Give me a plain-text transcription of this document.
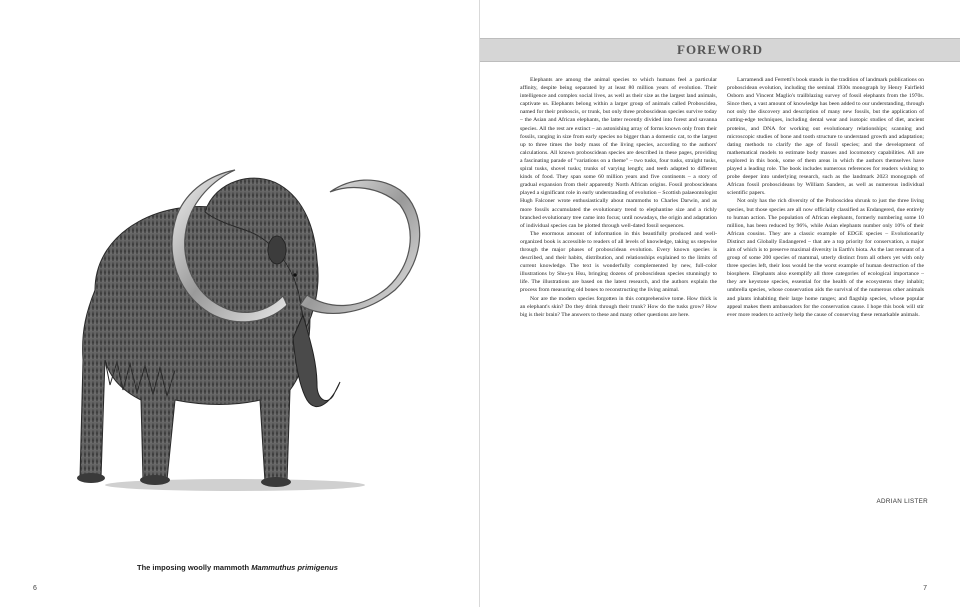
The imposing woolly mammoth Mammuthus primigenus
6
FOREWORD

Elephants are among the animal species to which humans feel a particular affinity, despite being separated by at least 80 million years of evolution. Their intelligence and complex social lives, as well as their size as the largest land animals, captivate us. Elephants belong within a larger group of animals called Proboscidea, named for their proboscis, or trunk, but only three proboscidean species survive today – the Asian and African elephants, the latter recently divided into forest and savanna species. All the rest are extinct – an astonishing array of forms known only from their fossils, ranging in size from early species no bigger than a domestic cat, to the largest up to three times the body mass of the living species, according to the authors' calculations. All known proboscidean species are described in these pages, providing a fascinating parade of "variations on a theme" – two tusks, four tusks, straight tusks, spiral tusks, shovel tusks; trunks of varying length; and teeth adapted to different kinds of food. They span some 60 million years and five continents – a story of gradual expansion from their apparently North African origins. Fossil proboscideans played a significant role in early understanding of evolution – Scottish palaeontologist Hugh Falconer wrote enthusiastically about mammoths to Charles Darwin, and as more fossils accumulated the evolutionary trend to elephantine size and a richly branched evolutionary tree came into focus; until nowadays, the origin and adaptation of individual species can be plotted through well-dated fossil sequences.

The enormous amount of information in this beautifully produced and well-organized book is accessible to readers of all levels of knowledge, taking us stepwise through the major phases of proboscidean evolution. Every known species is described, and their habits, distribution, and relationships explained to the limits of current knowledge. The text is wonderfully complemented by new, full-color illustrations by Shu-yu Hsu, bringing dozens of proboscidean species stunningly to life. The illustrations are based on the latest research, and the authors explain the process from measuring old bones to reconstructing the living animal.

Nor are the modern species forgotten in this comprehensive tome. How thick is an elephant's skin? Do they drink through their trunk? How do the tusks grow? How big is their brain? The answers to these and many other questions are here.

Larramendi and Ferretti's book stands in the tradition of landmark publications on proboscidean evolution, including the seminal 1930s monograph by Henry Fairfield Osborn and Vincent Maglio's trailblazing survey of fossil elephants from the 1970s. Since then, a vast amount of knowledge has been added to our understanding, through not only the discovery and description of many new fossils, but the application of cutting-edge techniques, including dental wear and isotopic studies of diet, ancient proteins, and DNA for working out evolutionary relationships; scanning and microscopic studies of bone and tooth structure to understand growth and adaptation; dating methods to clarify the age of fossil species; and the development of mathematical models to estimate body masses and locomotory capabilities. All are explored in this book, some of them areas in which the authors themselves have played a leading role. The book includes numerous references for readers wishing to probe deeper into underlying research, such as the landmark 2023 monograph of African fossil proboscideans by William Sanders, as well as numerous individual scientific papers.

Not only has the rich diversity of the Proboscidea shrunk to just the three living species, but those species are all now officially classified as Endangered, due entirely to human action. The population of African elephants, formerly numbering some 10 million, has been reduced by 96%, while Asian elephants number only 10% of their African cousins. They are a classic example of EDGE species – Evolutionarily Distinct and Globally Endangered – that are a top priority for conservation, a major aim of which is to preserve maximal diversity in Earth's biota. As the last remnant of a group of some 200 species of mammal, utterly distinct from all others yet with only three species left, their loss would be the worst example of human destruction of the biosphere. Elephants also exemplify all three categories of ecological importance – they are keystone species, essential for the health of the ecosystems they inhabit; umbrella species, whose conservation aids the survival of the numerous other animals and plants inhabiting their large home ranges; and flagship species, whose popular appeal makes them ambassadors for the conservation cause. I hope this book will stir ever more readers to actively help the cause of conserving these remarkable animals.

ADRIAN LISTER
7
